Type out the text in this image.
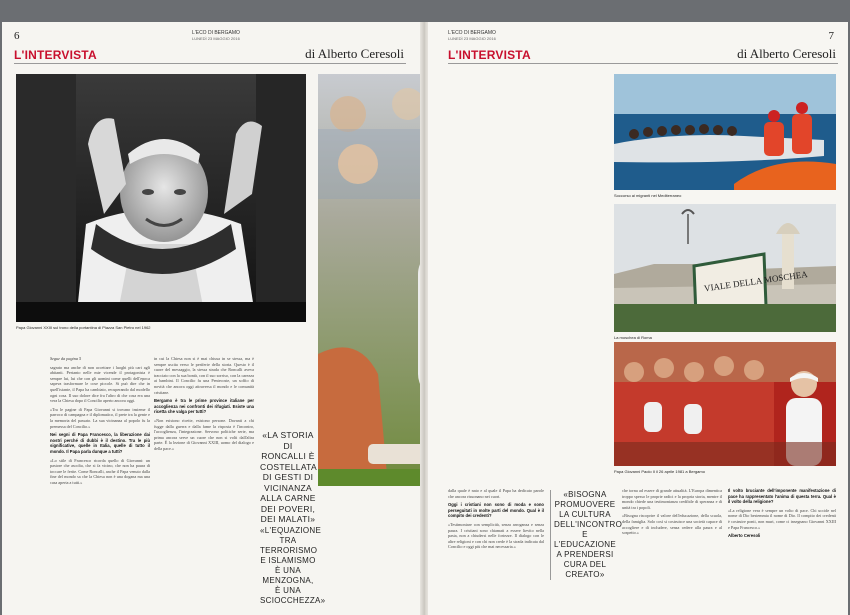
6	L'ECO DI BERGAMO
LUNEDÌ 23 MAGGIO 2016
L'INTERVISTA	di Alberto Ceresoli
Papa Giovanni XXIII sul trono della portantina di Piazza San Pietro nel 1962

Segue da pagina 5

sagrato ma anche di non accettare i luoghi più cari agli abitanti. Pertanto nelle mie vicende il protagonista è sempre lui, lui che con gli uomini come quelli dell'epoca sapeva trasformare le cose piccole. Si può dire che in quell'istante, il Papa ha cambiato, recuperando dal modello ogni cosa. Il suo dolore dice fra l'altro di che cosa era una vera la Chiesa dopo il Concilio aperto ancora oggi.

«Tra le pagine di Papa Giovanni si trovano insieme il parroco di campagna e il diplomatico, il prete tra la gente e la memoria del passato. La sua vicinanza al popolo fu la premessa del Concilio.»

Nei segni di Papa Francesco, la liberazione dai nostri perché di dubbi è il destino. Tra le più significative, quelle in Italia, quelle di tutto il mondo. Il Papa parla dunque a tutti?

«Lo stile di Francesco ricorda quello di Giovanni: un pastore che ascolta, che si fa vicino, che non ha paura di toccare le ferite. Come Roncalli, anche il Papa venuto dalla fine del mondo sa che la Chiesa non è una dogana ma una casa aperta a tutti.»

in cui la Chiesa non si è mai chiusa in se stessa, ma è sempre uscita verso le periferie della storia. Questo è il cuore del messaggio, la stessa strada che Roncalli aveva tracciato con la sua bontà, con il suo sorriso, con la carezza ai bambini. Il Concilio fu una Pentecoste, un soffio di novità che ancora oggi attraversa il mondo e le comunità cristiane.

Bergamo è tra le prime province italiane per accoglienza nei confronti dei rifugiati. Esiste una ricetta che valga per tutti?

«Non esistono ricette, esistono persone. Davanti a chi fugge dalla guerra e dalla fame la risposta è l'incontro, l'accoglienza, l'integrazione. Servono politiche serie, ma prima ancora serve un cuore che non si volti dall'altra parte. È la lezione di Giovanni XXIII, uomo del dialogo e della pace.»

«LA STORIA DI RONCALLI È COSTELLATA DI GESTI DI VICINANZA ALLA CARNE DEI POVERI, DEI MALATI»
«L'EQUAZIONE TRA TERRORISMO E ISLAMISMO È UNA MENZOGNA, È UNA SCIOCCHEZZA»
L'ECO DI BERGAMO
LUNEDÌ 23 MAGGIO 2016	7
L'INTERVISTA	di Alberto Ceresoli
Soccorso ai migranti nel Mediterraneo
VIALE DELLA MOSCHEA
La moschea di Roma
Papa Giovanni Paolo II il 26 aprile 1981 a Bergamo

dalla quale è nato e al quale il Papa ha dedicato parole che ancora risuonano nei cuori.

Oggi i cristiani non sono di moda e sono perseguitati in molte parti del mondo. Qual è il compito dei credenti?

«Testimoniare con semplicità, senza arroganza e senza paura. I cristiani sono chiamati a essere lievito nella pasta, non a chiudersi nelle fortezze. Il dialogo con le altre religioni e con chi non crede è la strada indicata dal Concilio e oggi più che mai necessaria.»

«BISOGNA PROMUOVERE LA CULTURA DELL'INCONTRO E L'EDUCAZIONE A PRENDERSI CURA DEL CREATO»

che torna ad essere di grande attualità. L'Europa dimentica troppo spesso le proprie radici e la propria storia, mentre il mondo chiede una testimonianza credibile di speranza e di unità tra i popoli.

«Bisogna riscoprire il valore dell'educazione, della scuola, della famiglia. Solo così si costruisce una società capace di accogliere e di includere, senza cedere alla paura e al sospetto.»

Il volto bruciante dell'imponente manifestazione di pace ha rappresentato l'anima di questa terra. Qual è il volto della religione?

«La religione vera è sempre un volto di pace. Chi uccide nel nome di Dio bestemmia il nome di Dio. Il compito dei credenti è costruire ponti, non muri, come ci insegnano Giovanni XXIII e Papa Francesco.»

Alberto Ceresoli
